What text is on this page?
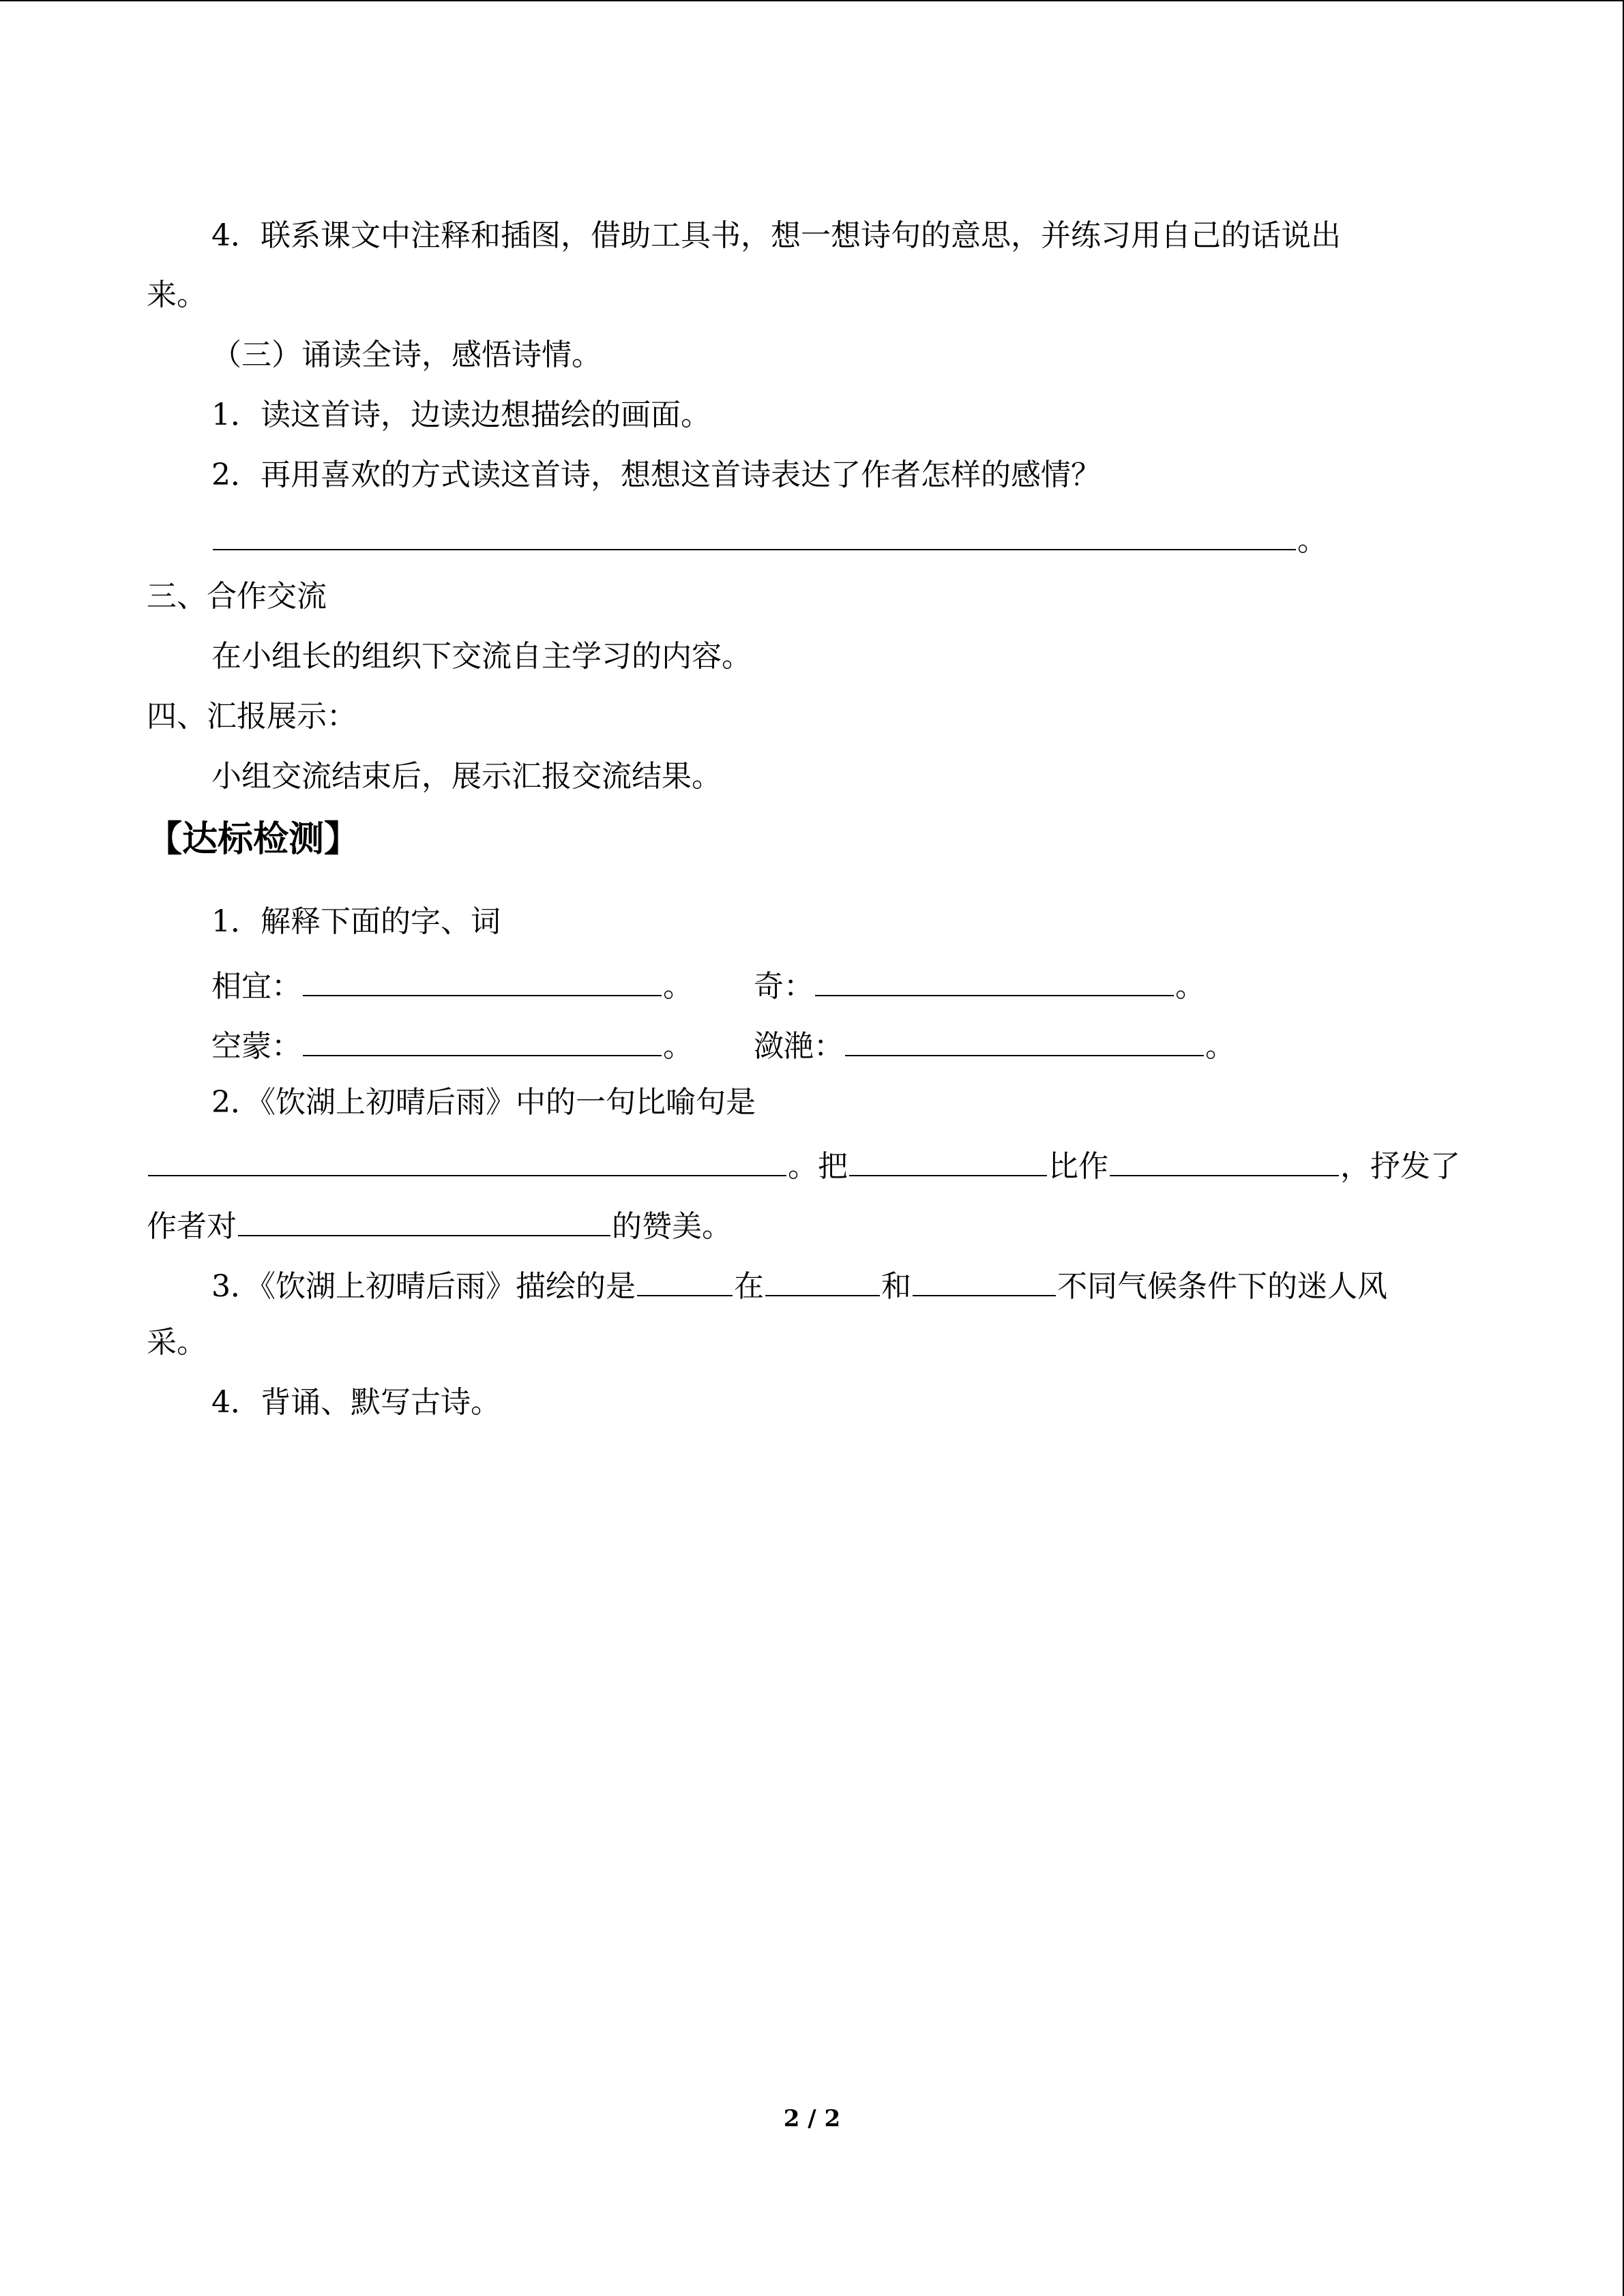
4．联系课文中注释和插图，借助工具书，想一想诗句的意思，并练习用自己的话说出
来。
（三）诵读全诗，感悟诗情。
1．读这首诗，边读边想描绘的画面。
2．再用喜欢的方式读这首诗，想想这首诗表达了作者怎样的感情？
。
三、合作交流
在小组长的组织下交流自主学习的内容。
四、汇报展示：
小组交流结束后，展示汇报交流结果。
【达标检测】
1．解释下面的字、词
相宜：	。 奇：	。
空蒙：	。 潋滟：	。
2．《饮湖上初晴后雨》中的一句比喻句是
。把	比作	，抒发了
作者对	的赞美。
3．《饮湖上初晴后雨》描绘的是	在	和	不同气候条件下的迷人风
采。
4．背诵、默写古诗。
2 / 2
